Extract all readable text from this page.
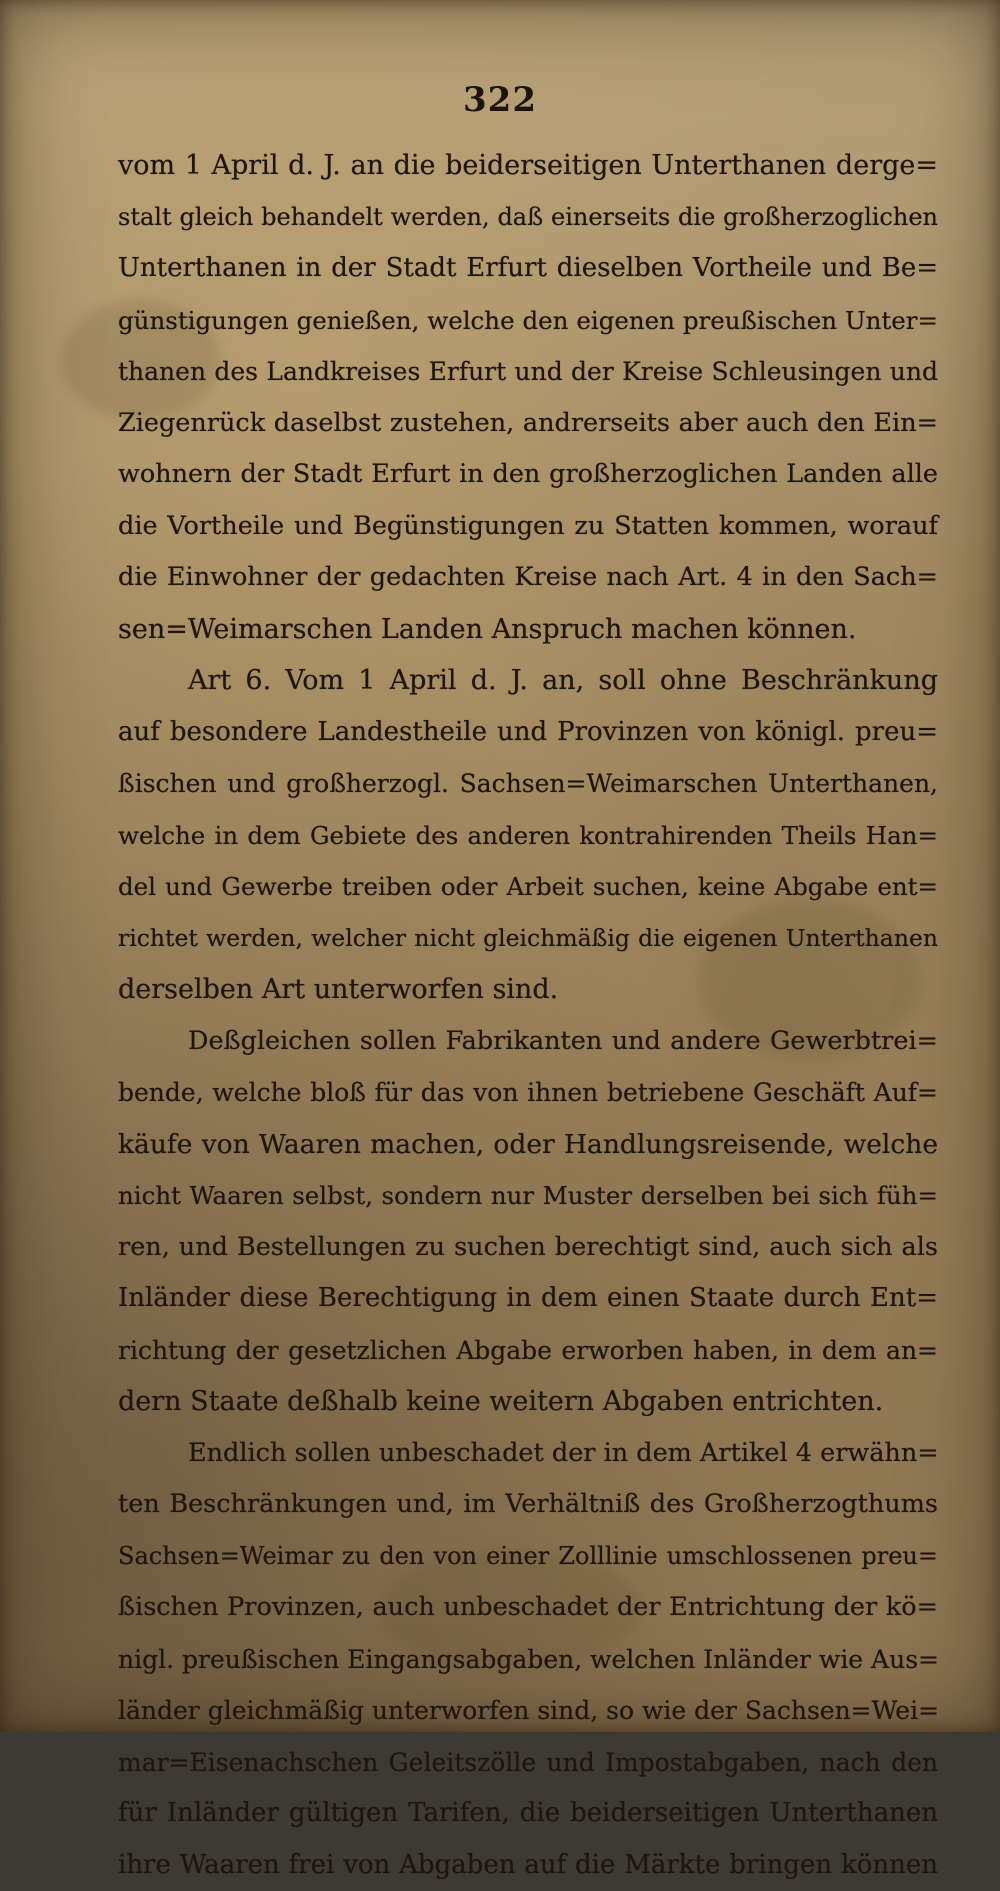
322
vom 1 April d. J. an die beiderseitigen Unterthanen derge=
stalt gleich behandelt werden, daß einerseits die großherzoglichen
Unterthanen in der Stadt Erfurt dieselben Vortheile und Be=
günstigungen genießen, welche den eigenen preußischen Unter=
thanen des Landkreises Erfurt und der Kreise Schleusingen und
Ziegenrück daselbst zustehen, andrerseits aber auch den Ein=
wohnern der Stadt Erfurt in den großherzoglichen Landen alle
die Vortheile und Begünstigungen zu Statten kommen, worauf
die Einwohner der gedachten Kreise nach Art. 4 in den Sach=
sen=Weimarschen Landen Anspruch machen können.
Art 6. Vom 1 April d. J. an, soll ohne Beschränkung
auf besondere Landestheile und Provinzen von königl. preu=
ßischen und großherzogl. Sachsen=Weimarschen Unterthanen,
welche in dem Gebiete des anderen kontrahirenden Theils Han=
del und Gewerbe treiben oder Arbeit suchen, keine Abgabe ent=
richtet werden, welcher nicht gleichmäßig die eigenen Unterthanen
derselben Art unterworfen sind.
Deßgleichen sollen Fabrikanten und andere Gewerbtrei=
bende, welche bloß für das von ihnen betriebene Geschäft Auf=
käufe von Waaren machen, oder Handlungsreisende, welche
nicht Waaren selbst, sondern nur Muster derselben bei sich füh=
ren, und Bestellungen zu suchen berechtigt sind, auch sich als
Inländer diese Berechtigung in dem einen Staate durch Ent=
richtung der gesetzlichen Abgabe erworben haben, in dem an=
dern Staate deßhalb keine weitern Abgaben entrichten.
Endlich sollen unbeschadet der in dem Artikel 4 erwähn=
ten Beschränkungen und, im Verhältniß des Großherzogthums
Sachsen=Weimar zu den von einer Zolllinie umschlossenen preu=
ßischen Provinzen, auch unbeschadet der Entrichtung der kö=
nigl. preußischen Eingangsabgaben, welchen Inländer wie Aus=
länder gleichmäßig unterworfen sind, so wie der Sachsen=Wei=
mar=Eisenachschen Geleitszölle und Impostabgaben, nach den
für Inländer gültigen Tarifen, die beiderseitigen Unterthanen
ihre Waaren frei von Abgaben auf die Märkte bringen können
